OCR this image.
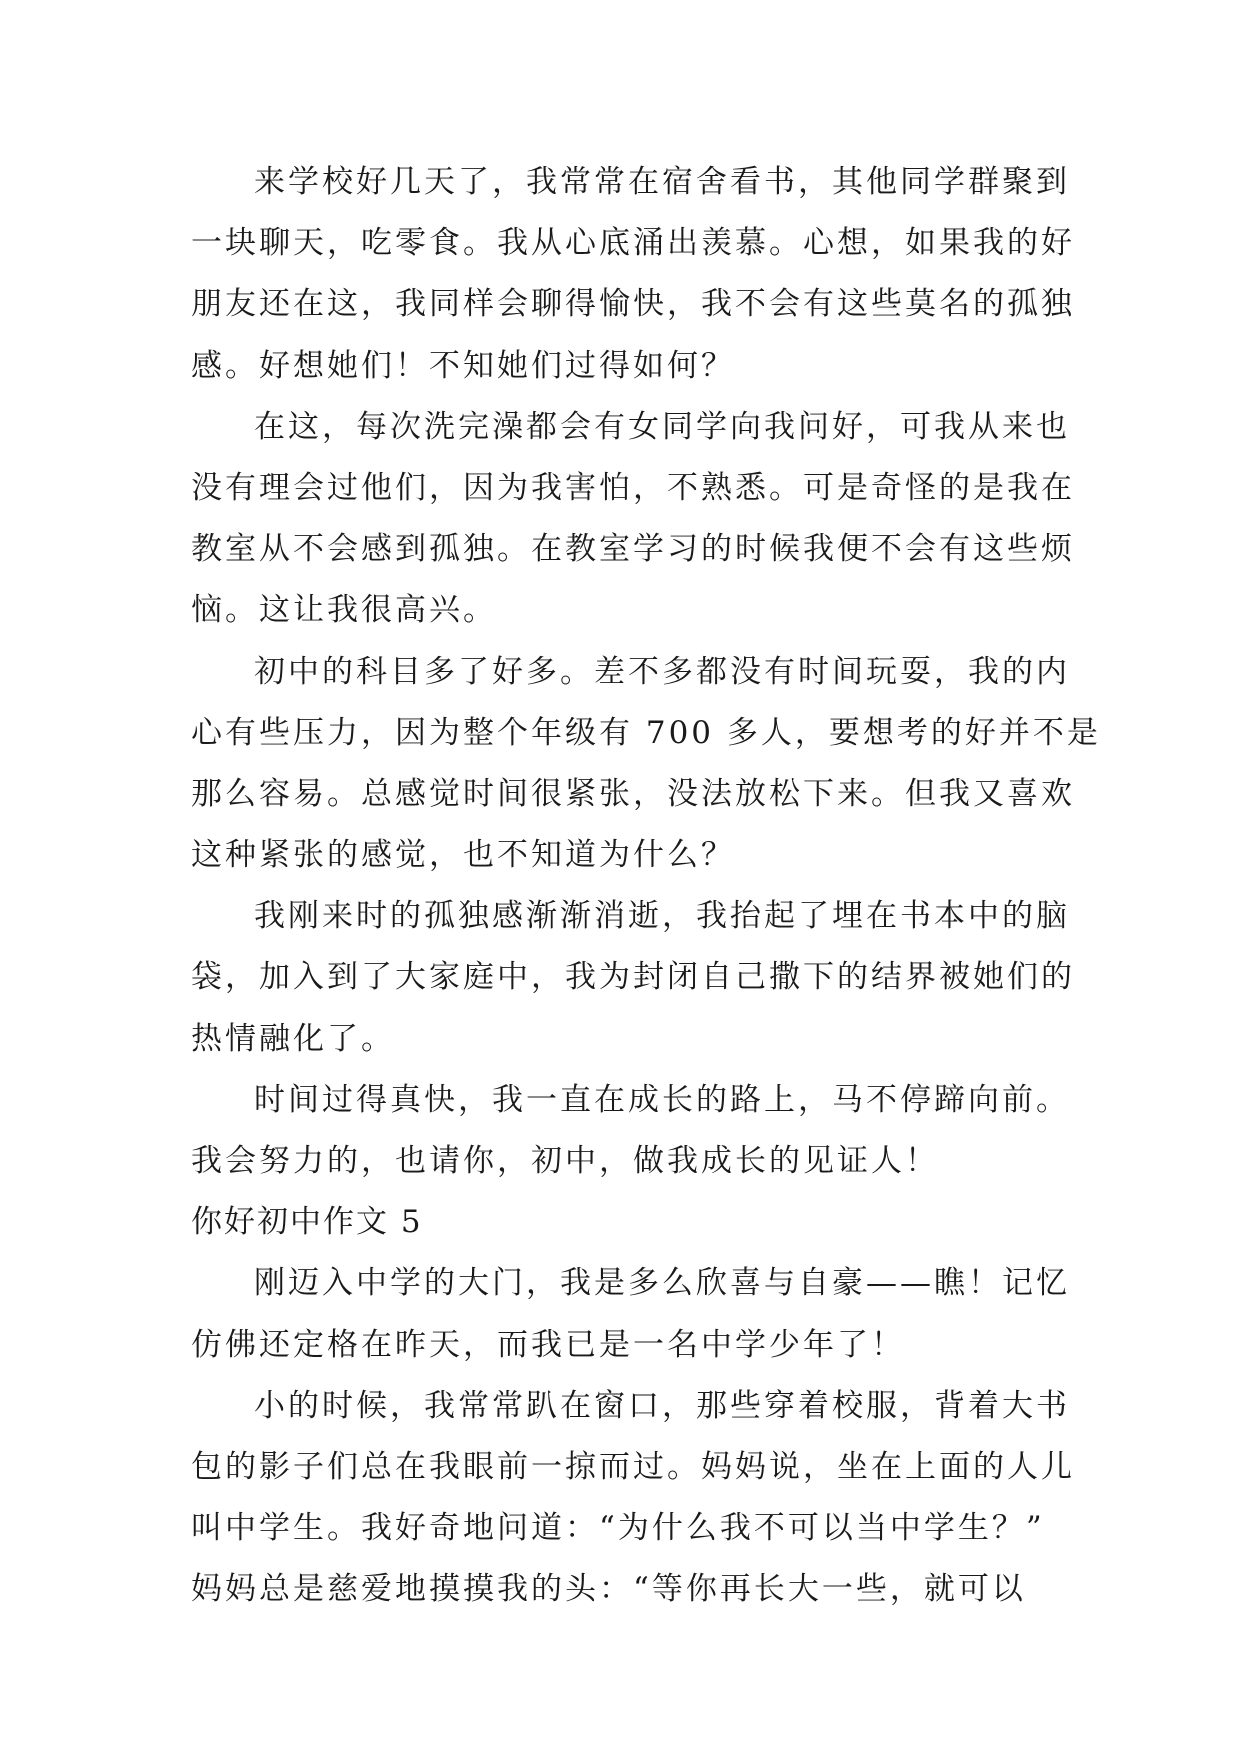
来学校好几天了，我常常在宿舍看书，其他同学群聚到
一块聊天，吃零食。我从心底涌出羡慕。心想，如果我的好
朋友还在这，我同样会聊得愉快，我不会有这些莫名的孤独
感。好想她们！不知她们过得如何？
在这，每次洗完澡都会有女同学向我问好，可我从来也
没有理会过他们，因为我害怕，不熟悉。可是奇怪的是我在
教室从不会感到孤独。在教室学习的时候我便不会有这些烦
恼。这让我很高兴。
初中的科目多了好多。差不多都没有时间玩耍，我的内
心有些压力，因为整个年级有 700 多人，要想考的好并不是
那么容易。总感觉时间很紧张，没法放松下来。但我又喜欢
这种紧张的感觉，也不知道为什么？
我刚来时的孤独感渐渐消逝，我抬起了埋在书本中的脑
袋，加入到了大家庭中，我为封闭自己撒下的结界被她们的
热情融化了。
时间过得真快，我一直在成长的路上，马不停蹄向前。
我会努力的，也请你，初中，做我成长的见证人！
你好初中作文 5
刚迈入中学的大门，我是多么欣喜与自豪——瞧！记忆
仿佛还定格在昨天，而我已是一名中学少年了！
小的时候，我常常趴在窗口，那些穿着校服，背着大书
包的影子们总在我眼前一掠而过。妈妈说，坐在上面的人儿
叫中学生。我好奇地问道：“为什么我不可以当中学生？”
妈妈总是慈爱地摸摸我的头：“等你再长大一些，就可以
